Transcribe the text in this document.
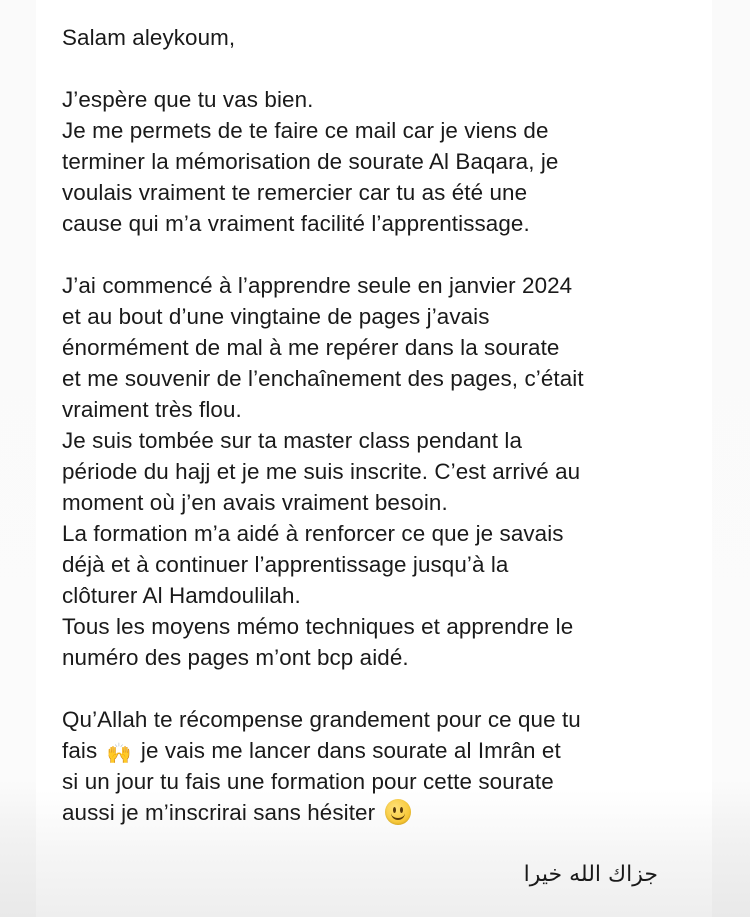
Salam aleykoum,

J’espère que tu vas bien.

Je me permets de te faire ce mail car je viens de

terminer la mémorisation de sourate Al Baqara, je

voulais vraiment te remercier car tu as été une

cause qui m’a vraiment facilité l’apprentissage.

J’ai commencé à l’apprendre seule en janvier 2024

et au bout d’une vingtaine de pages j’avais

énormément de mal à me repérer dans la sourate

et me souvenir de l’enchaînement des pages, c’était

vraiment très flou.

Je suis tombée sur ta master class pendant la

période du hajj et je me suis inscrite. C’est arrivé au

moment où j’en avais vraiment besoin.

La formation m’a aidé à renforcer ce que je savais

déjà et à continuer l’apprentissage jusqu’à la

clôturer Al Hamdoulilah.

Tous les moyens mémo techniques et apprendre le

numéro des pages m’ont bcp aidé.

Qu’Allah te récompense grandement pour ce que tu

fais 🙌 je vais me lancer dans sourate al Imrân et

si un jour tu fais une formation pour cette sourate

aussi je m’inscrirai sans hésiter

جزاك الله خيرا
